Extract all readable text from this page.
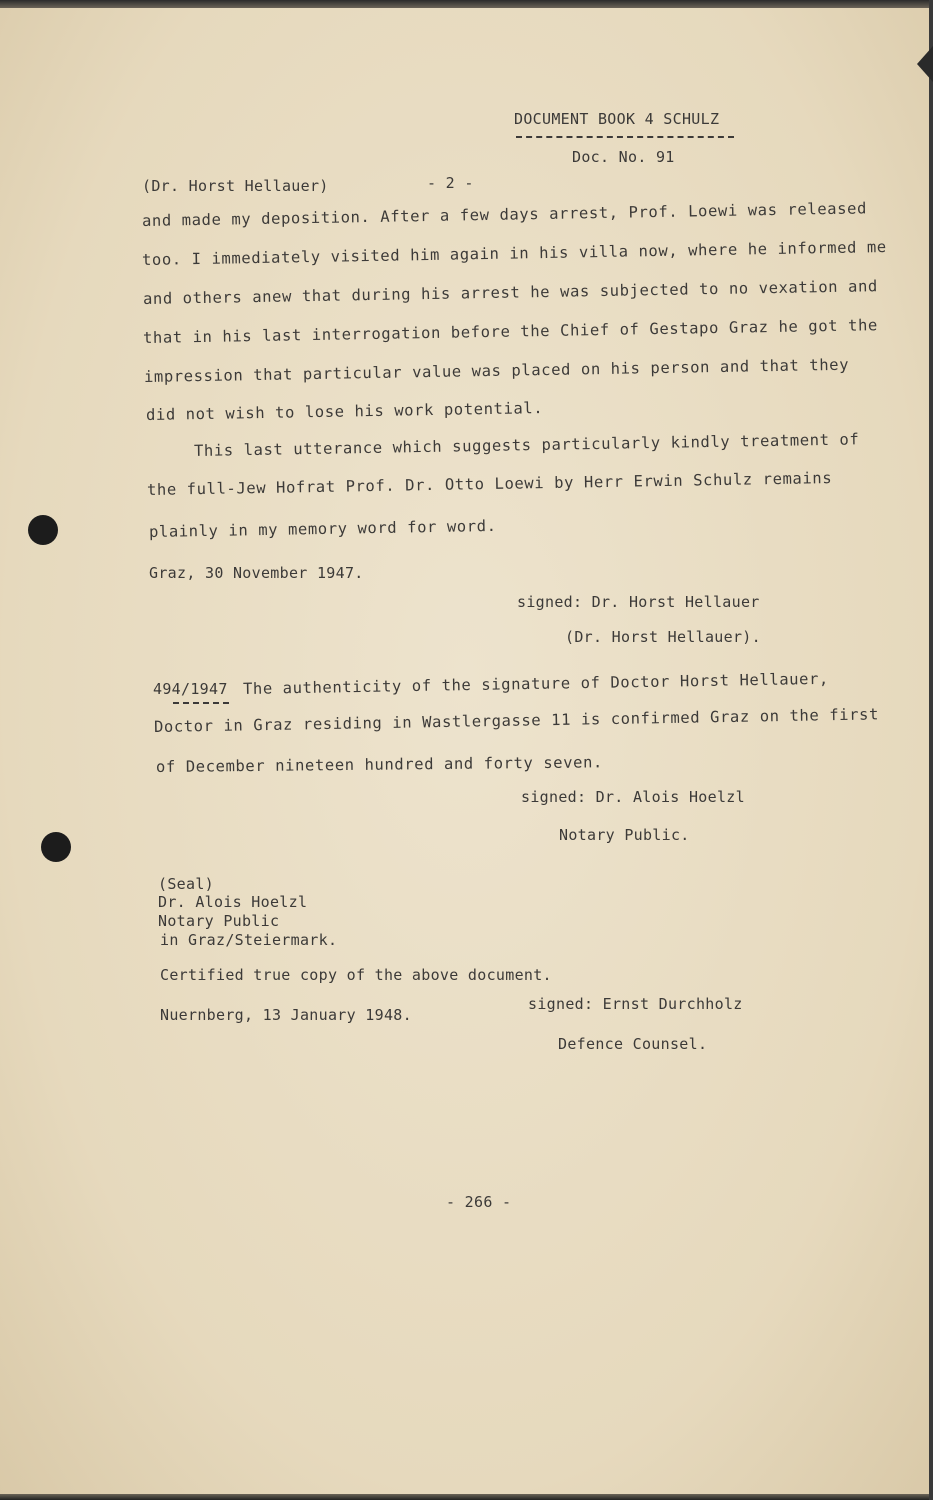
DOCUMENT BOOK 4 SCHULZ
Doc. No. 91
(Dr. Horst Hellauer)	- 2 -
and made my deposition. After a few days arrest, Prof. Loewi was released
too. I immediately visited him again in his villa now, where he informed me
and others anew that during his arrest he was subjected to no vexation and
that in his last interrogation before the Chief of Gestapo Graz he got the
impression that particular value was placed on his person and that they
did not wish to lose his work potential.
This last utterance which suggests particularly kindly treatment of
the full-Jew Hofrat Prof. Dr. Otto Loewi by Herr Erwin Schulz remains
plainly in my memory word for word.
Graz, 30 November 1947.
signed: Dr. Horst Hellauer
(Dr. Horst Hellauer).
494/1947 The authenticity of the signature of Doctor Horst Hellauer,
Doctor in Graz residing in Wastlergasse 11 is confirmed Graz on the first
of December nineteen hundred and forty seven.
signed: Dr. Alois Hoelzl
Notary Public.
(Seal)
Dr. Alois Hoelzl
Notary Public
in Graz/Steiermark.
Certified true copy of the above document.
Nuernberg, 13 January 1948.
signed: Ernst Durchholz
Defence Counsel.
- 266 -
